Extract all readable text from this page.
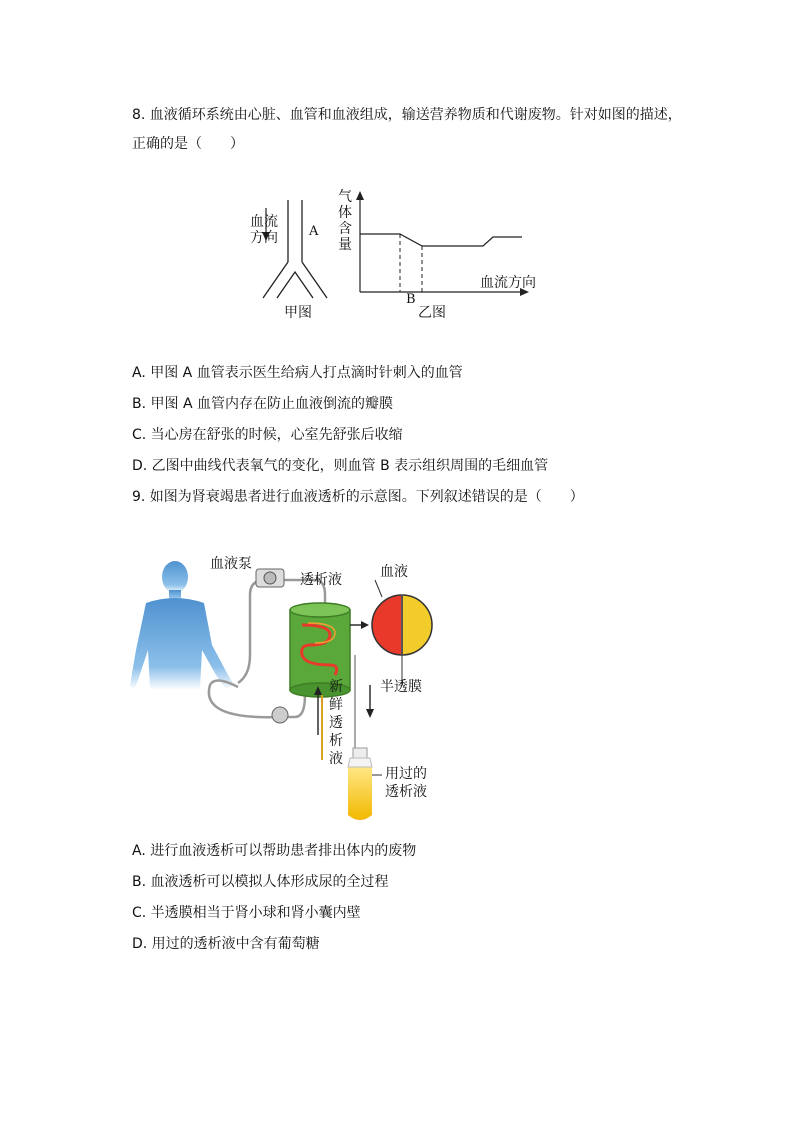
8. 血液循环系统由心脏、血管和血液组成，输送营养物质和代谢废物。针对如图的描述，
正确的是（　　）
血流
方向 A
甲图
气
体
含
量
血流方向
B
乙图
A. 甲图 A 血管表示医生给病人打点滴时针刺入的血管
B. 甲图 A 血管内存在防止血液倒流的瓣膜
C. 当心房在舒张的时候，心室先舒张后收缩
D. 乙图中曲线代表氧气的变化，则血管 B 表示组织周围的毛细血管
9. 如图为肾衰竭患者进行血液透析的示意图。下列叙述错误的是（　　）
血液泵
透析液	血液
半透膜
新
鲜
透
析
液
用过的
透析液
A. 进行血液透析可以帮助患者排出体内的废物
B. 血液透析可以模拟人体形成尿的全过程
C. 半透膜相当于肾小球和肾小囊内壁
D. 用过的透析液中含有葡萄糖
